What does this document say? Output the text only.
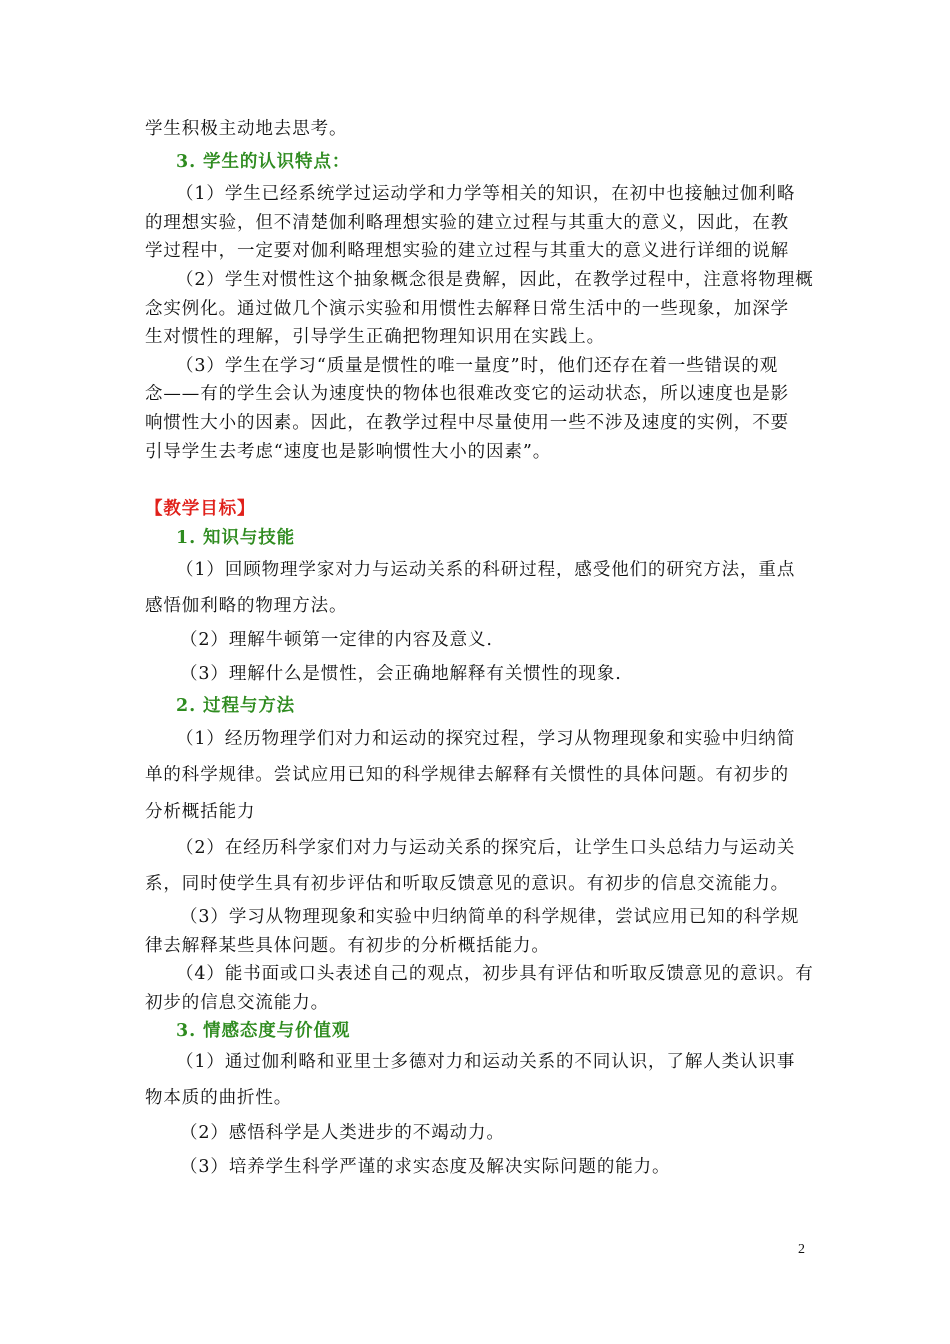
学生积极主动地去思考。
3. 学生的认识特点：
（1）学生已经系统学过运动学和力学等相关的知识，在初中也接触过伽利略
的理想实验，但不清楚伽利略理想实验的建立过程与其重大的意义，因此，在教
学过程中，一定要对伽利略理想实验的建立过程与其重大的意义进行详细的说解
（2）学生对惯性这个抽象概念很是费解，因此，在教学过程中，注意将物理概
念实例化。通过做几个演示实验和用惯性去解释日常生活中的一些现象，加深学
生对惯性的理解，引导学生正确把物理知识用在实践上。
（3）学生在学习“质量是惯性的唯一量度”时，他们还存在着一些错误的观
念——有的学生会认为速度快的物体也很难改变它的运动状态，所以速度也是影
响惯性大小的因素。因此，在教学过程中尽量使用一些不涉及速度的实例，不要
引导学生去考虑“速度也是影响惯性大小的因素”。
【教学目标】
1. 知识与技能
（1）回顾物理学家对力与运动关系的科研过程，感受他们的研究方法，重点
感悟伽利略的物理方法。
（2）理解牛顿第一定律的内容及意义.
（3）理解什么是惯性，会正确地解释有关惯性的现象.
2. 过程与方法
（1）经历物理学们对力和运动的探究过程，学习从物理现象和实验中归纳简
单的科学规律。尝试应用已知的科学规律去解释有关惯性的具体问题。有初步的
分析概括能力
（2）在经历科学家们对力与运动关系的探究后，让学生口头总结力与运动关
系，同时使学生具有初步评估和听取反馈意见的意识。有初步的信息交流能力。
（3）学习从物理现象和实验中归纳简单的科学规律，尝试应用已知的科学规
律去解释某些具体问题。有初步的分析概括能力。
（4）能书面或口头表述自己的观点，初步具有评估和听取反馈意见的意识。有
初步的信息交流能力。
3. 情感态度与价值观
（1）通过伽利略和亚里士多德对力和运动关系的不同认识，了解人类认识事
物本质的曲折性。
（2）感悟科学是人类进步的不竭动力。
（3）培养学生科学严谨的求实态度及解决实际问题的能力。
2
